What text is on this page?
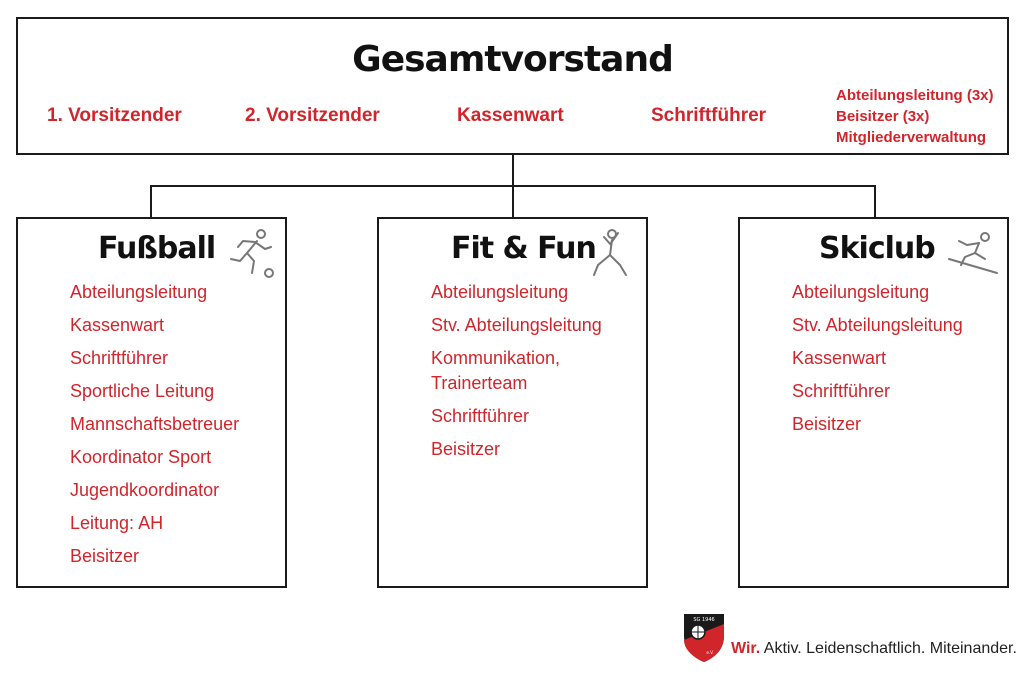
Gesamtvorstand
1. Vorsitzender	2. Vorsitzender	Kassenwart	Schriftführer
Abteilungsleitung (3x)
Beisitzer (3x)
Mitgliederverwaltung
Fußball
Abteilungsleitung
Kassenwart
Schriftführer
Sportliche Leitung
Mannschaftsbetreuer
Koordinator Sport
Jugendkoordinator
Leitung: AH
Beisitzer
Fit & Fun
Abteilungsleitung
Stv. Abteilungsleitung
Kommunikation, Trainerteam
Schriftführer
Beisitzer
Skiclub
Abteilungsleitung
Stv. Abteilungsleitung
Kassenwart
Schriftführer
Beisitzer
SG 1946
e.V. Wir. Aktiv. Leidenschaftlich. Miteinander.
